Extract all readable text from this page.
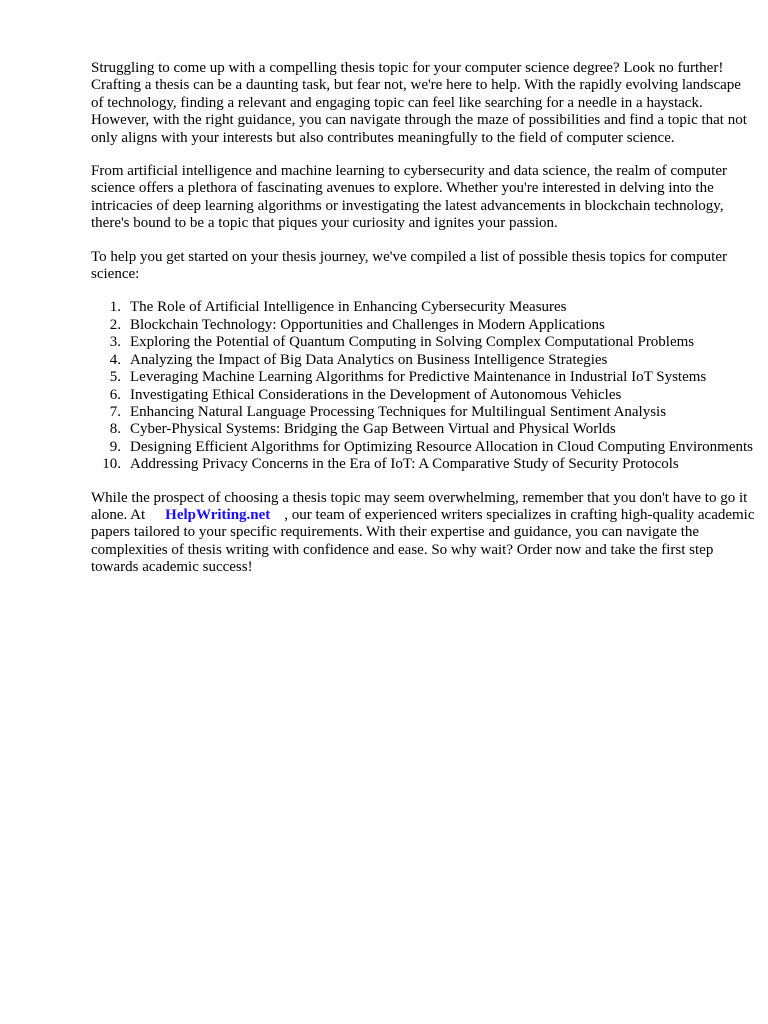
Struggling to come up with a compelling thesis topic for your computer science degree? Look no further! Crafting a thesis can be a daunting task, but fear not, we're here to help. With the rapidly evolving landscape of technology, finding a relevant and engaging topic can feel like searching for a needle in a haystack. However, with the right guidance, you can navigate through the maze of possibilities and find a topic that not only aligns with your interests but also contributes meaningfully to the field of computer science.

From artificial intelligence and machine learning to cybersecurity and data science, the realm of computer science offers a plethora of fascinating avenues to explore. Whether you're interested in delving into the intricacies of deep learning algorithms or investigating the latest advancements in blockchain technology, there's bound to be a topic that piques your curiosity and ignites your passion.

To help you get started on your thesis journey, we've compiled a list of possible thesis topics for computer science:

1. The Role of Artificial Intelligence in Enhancing Cybersecurity Measures
2. Blockchain Technology: Opportunities and Challenges in Modern Applications
3. Exploring the Potential of Quantum Computing in Solving Complex Computational Problems
4. Analyzing the Impact of Big Data Analytics on Business Intelligence Strategies
5. Leveraging Machine Learning Algorithms for Predictive Maintenance in Industrial IoT Systems
6. Investigating Ethical Considerations in the Development of Autonomous Vehicles
7. Enhancing Natural Language Processing Techniques for Multilingual Sentiment Analysis
8. Cyber-Physical Systems: Bridging the Gap Between Virtual and Physical Worlds
9. Designing Efficient Algorithms for Optimizing Resource Allocation in Cloud Computing Environments
10. Addressing Privacy Concerns in the Era of IoT: A Comparative Study of Security Protocols

While the prospect of choosing a thesis topic may seem overwhelming, remember that you don't have to go it alone. At HelpWriting.net , our team of experienced writers specializes in crafting high-quality academic papers tailored to your specific requirements. With their expertise and guidance, you can navigate the complexities of thesis writing with confidence and ease. So why wait? Order now and take the first step towards academic success!
